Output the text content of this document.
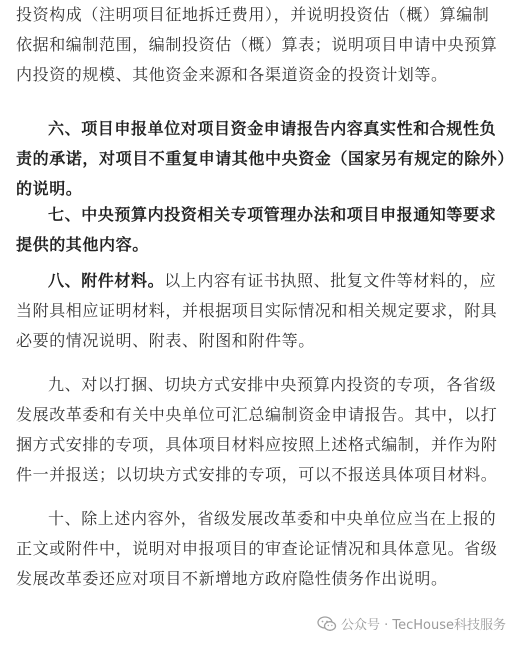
投资构成（注明项目征地拆迁费用），并说明投资估（概）算编制
依据和编制范围，编制投资估（概）算表；说明项目申请中央预算
内投资的规模、其他资金来源和各渠道资金的投资计划等。
六、项目申报单位对项目资金申请报告内容真实性和合规性负
责的承诺，对项目不重复申请其他中央资金（国家另有规定的除外）
的说明。
七、中央预算内投资相关专项管理办法和项目申报通知等要求
提供的其他内容。
八、附件材料。以上内容有证书执照、批复文件等材料的，应
当附具相应证明材料，并根据项目实际情况和相关规定要求，附具
必要的情况说明、附表、附图和附件等。
九、对以打捆、切块方式安排中央预算内投资的专项，各省级
发展改革委和有关中央单位可汇总编制资金申请报告。其中，以打
捆方式安排的专项，具体项目材料应按照上述格式编制，并作为附
件一并报送；以切块方式安排的专项，可以不报送具体项目材料。
十、除上述内容外，省级发展改革委和中央单位应当在上报的
正文或附件中，说明对申报项目的审查论证情况和具体意见。省级
发展改革委还应对项目不新增地方政府隐性债务作出说明。
公众号 · TecHouse科技服务
